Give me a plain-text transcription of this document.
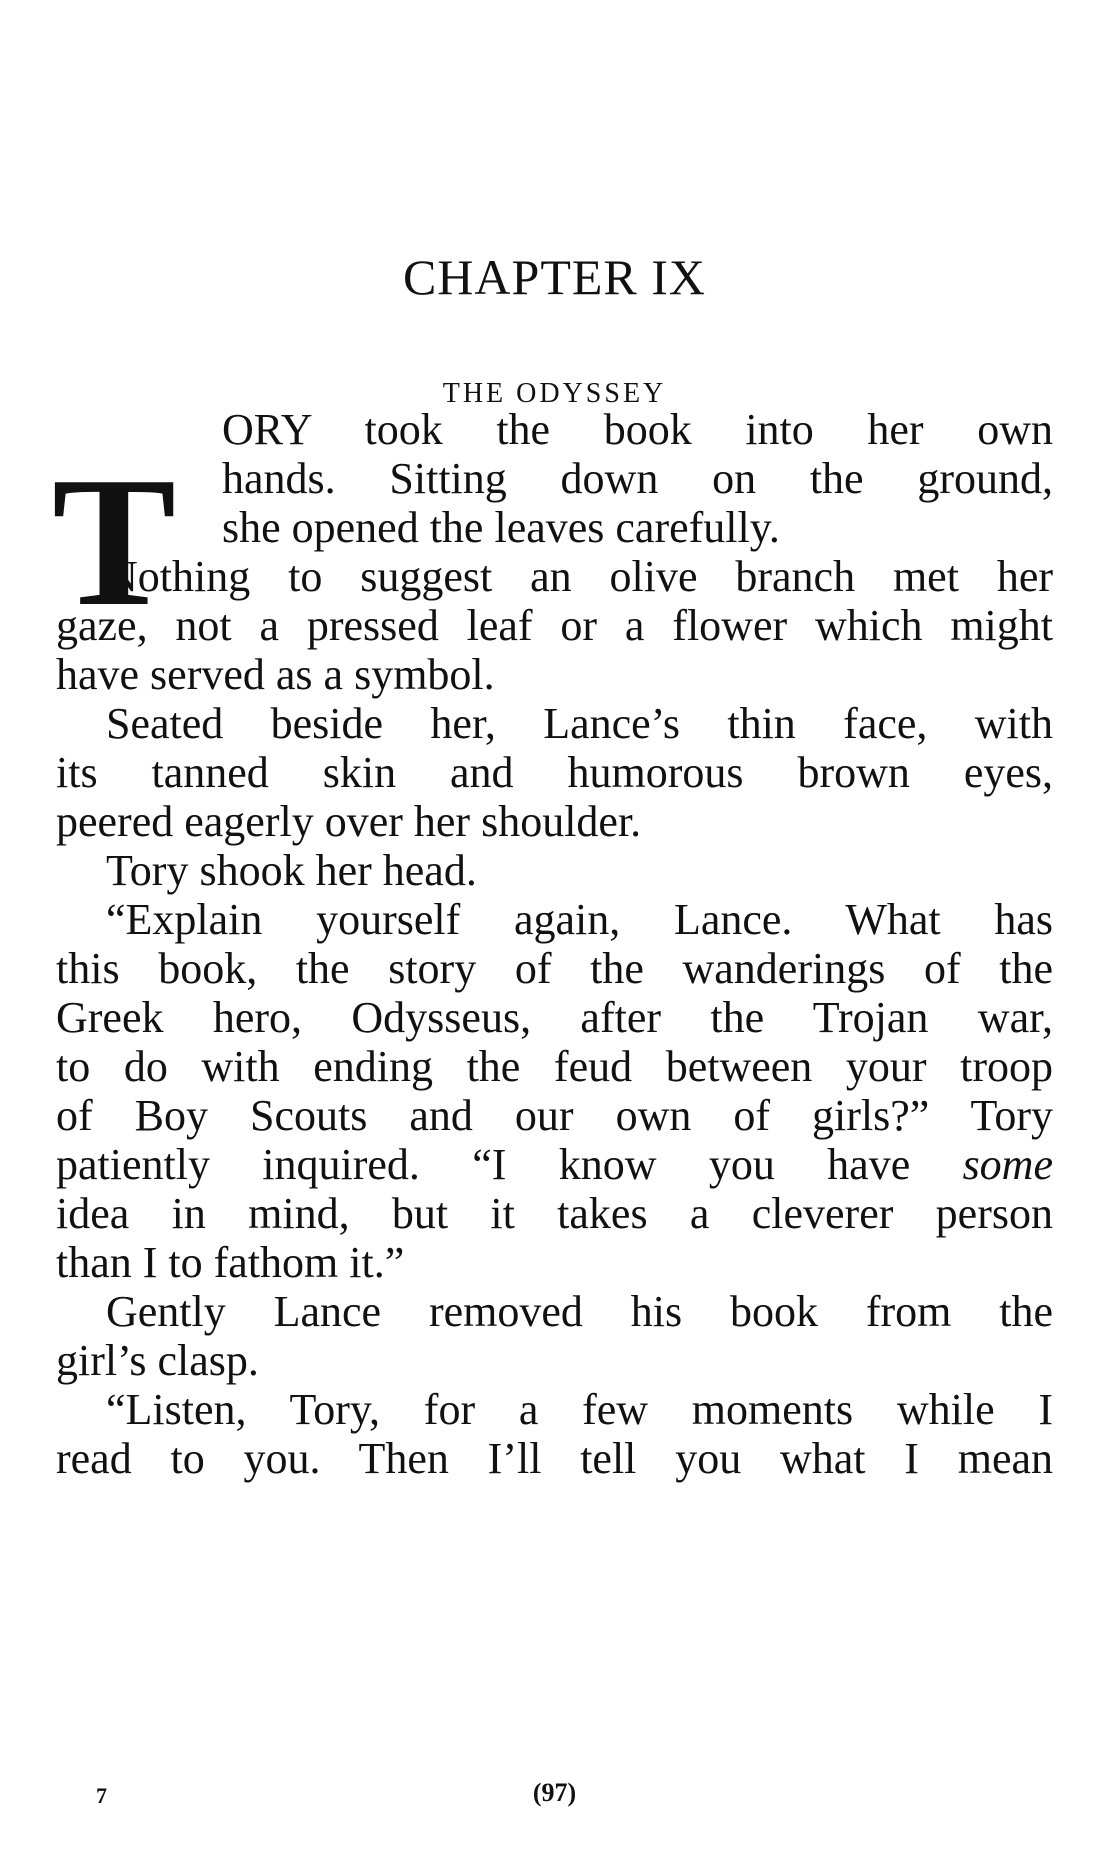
CHAPTER IX
THE ODYSSEY
T

ORY took the book into her own

hands. Sitting down on the ground,

she opened the leaves carefully.

Nothing to suggest an olive branch met her

gaze, not a pressed leaf or a flower which might

have served as a symbol.

Seated beside her, Lance’s thin face, with

its tanned skin and humorous brown eyes,

peered eagerly over her shoulder.

Tory shook her head.

“Explain yourself again, Lance. What has

this book, the story of the wanderings of the

Greek hero, Odysseus, after the Trojan war,

to do with ending the feud between your troop

of Boy Scouts and our own of girls?” Tory

patiently inquired. “I know you have some

idea in mind, but it takes a cleverer person

than I to fathom it.”

Gently Lance removed his book from the

girl’s clasp.

“Listen, Tory, for a few moments while I

read to you. Then I’ll tell you what I mean

7	(97)
